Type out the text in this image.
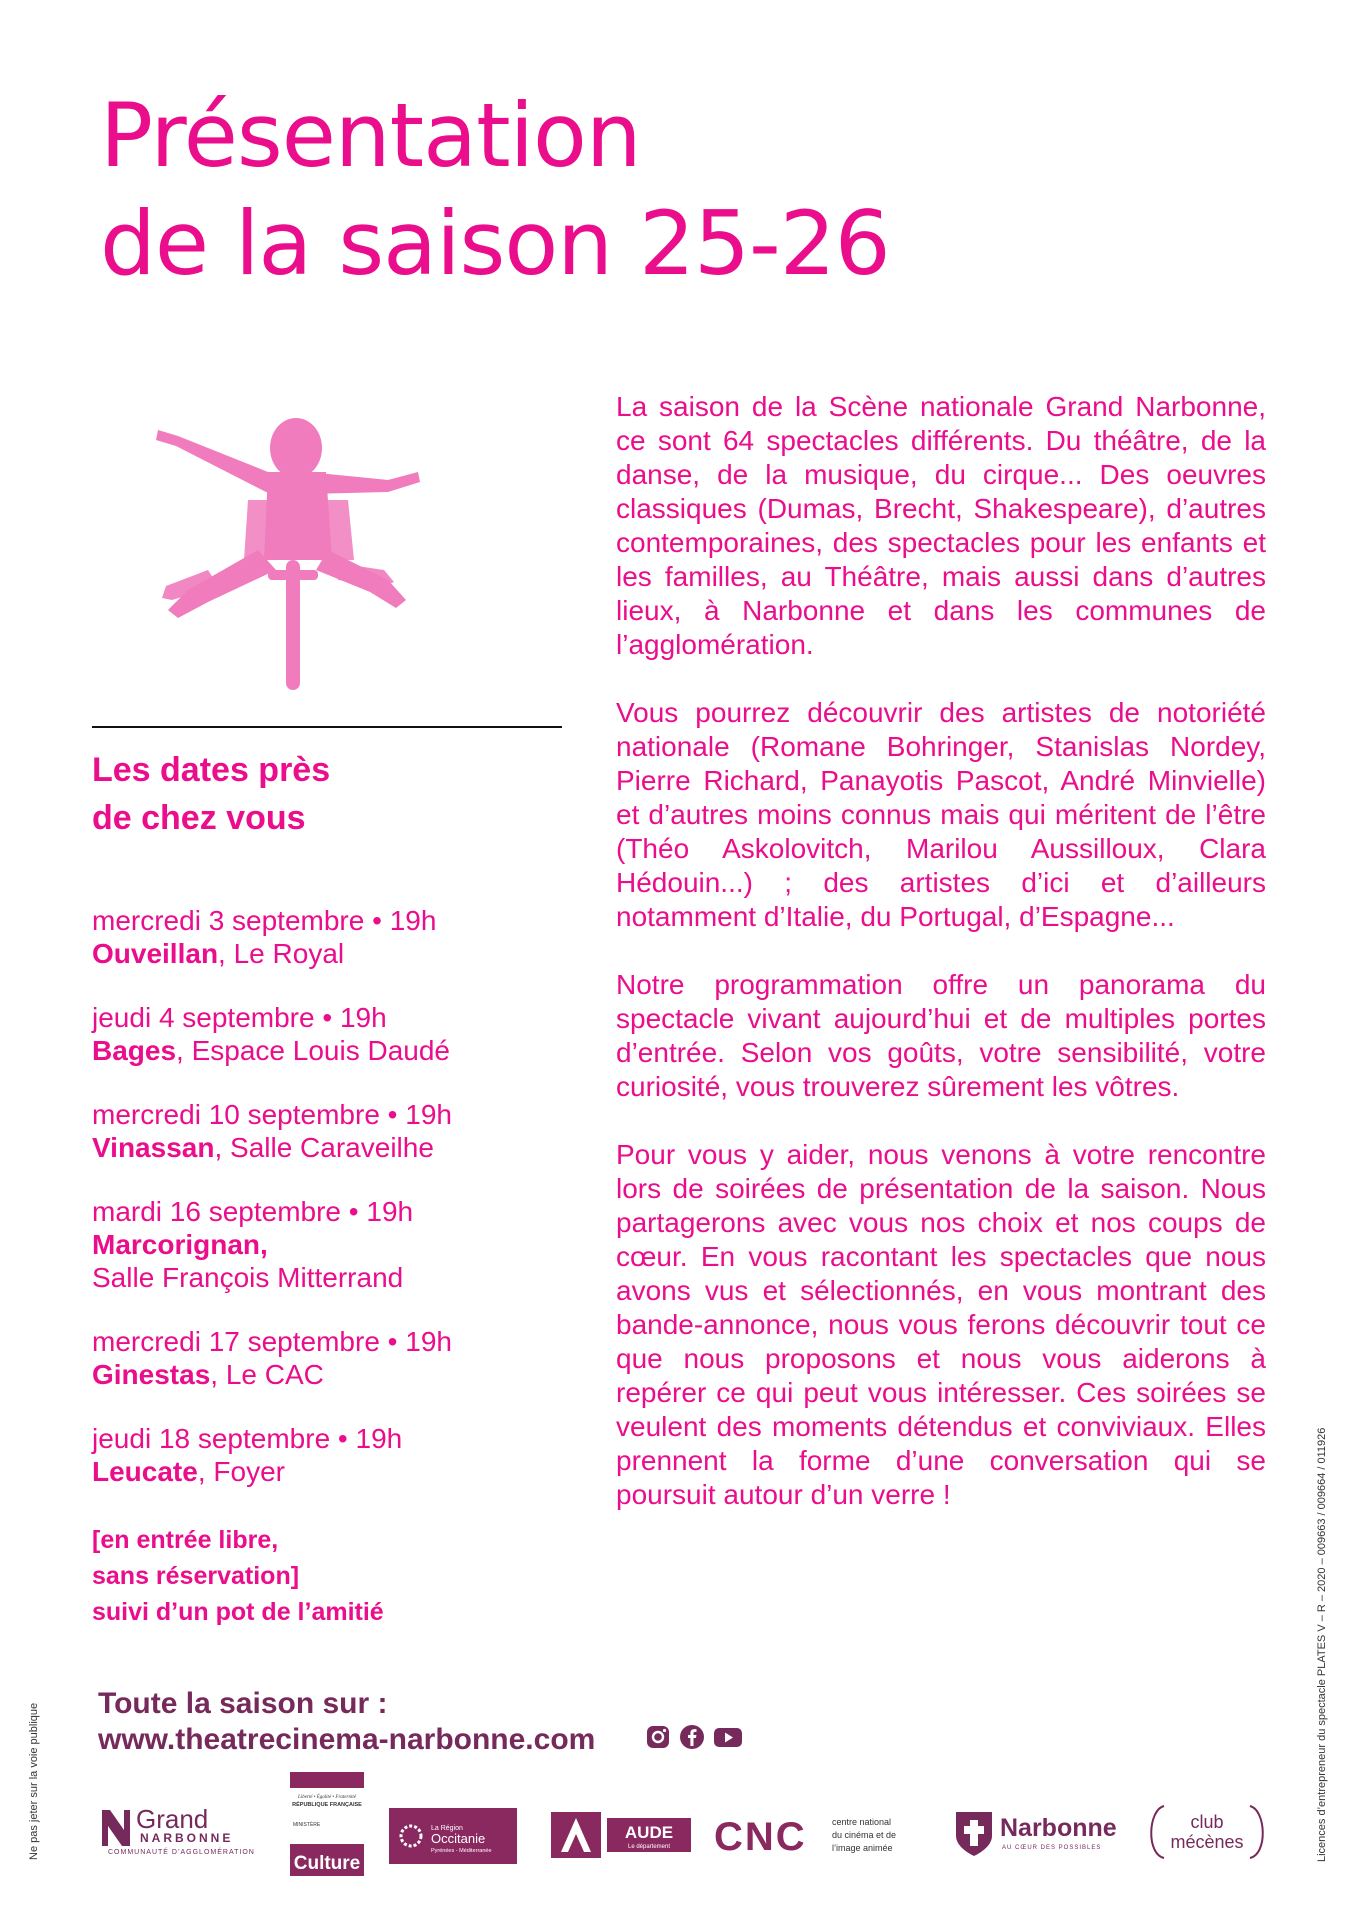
Présentation
de la saison 25-26
Les dates près
de chez vous
mercredi 3 septembre • 19h
Ouveillan, Le Royal
jeudi 4 septembre • 19h
Bages, Espace Louis Daudé
mercredi 10 septembre • 19h
Vinassan, Salle Caraveilhe
mardi 16 septembre • 19h
Marcorignan,
Salle François Mitterrand
mercredi 17 septembre • 19h
Ginestas, Le CAC
jeudi 18 septembre • 19h
Leucate, Foyer
[en entrée libre,
sans réservation]
suivi d’un pot de l’amitié

La saison de la Scène nationale Grand Narbonne, ce sont 64 spectacles différents. Du théâtre, de la danse, de la musique, du cirque... Des oeuvres classiques (Dumas, Brecht, Shakespeare), d’autres contemporaines, des spectacles pour les enfants et les familles, au Théâtre, mais aussi dans d’autres lieux, à Narbonne et dans les communes de l’agglomération.

Vous pourrez découvrir des artistes de notoriété nationale (Romane Bohringer, Stanislas Nordey, Pierre Richard, Panayotis Pascot, André Minvielle) et d’autres moins connus mais qui méritent de l’être (Théo Askolovitch, Marilou Aussilloux, Clara Hédouin...) ; des artistes d’ici et d’ailleurs notamment d’Italie, du Portugal, d’Espagne...

Notre programmation offre un panorama du spectacle vivant aujourd’hui et de multiples portes d’entrée. Selon vos goûts, votre sensibilité, votre curiosité, vous trouverez sûrement les vôtres.

Pour vous y aider, nous venons à votre rencontre lors de soirées de présentation de la saison. Nous partagerons avec vous nos choix et nos coups de cœur. En vous racontant les spectacles que nous avons vus et sélectionnés, en vous montrant des bande-annonce, nous vous ferons découvrir tout ce que nous proposons et nous vous aiderons à repérer ce qui peut vous intéresser. Ces soirées se veulent des moments détendus et conviviaux. Elles prennent la forme d’une conversation qui se poursuit autour d’un verre !

Toute la saison sur :
www.theatrecinema-narbonne.com
Ne pas jeter sur la voie publique	Licences d’entrepreneur du spectacle PLATES V – R – 2020 – 009663 / 009664 / 011926
Grand
NARBONNE
COMMUNAUTÉ D’AGGLOMÉRATION
Liberté • Égalité • Fraternité
RÉPUBLIQUE FRANÇAISE
MINISTÈRE
Culture
La Région
Occitanie
Pyrénées - Méditerranée
AUDE
Le département CNC	centre national
du cinéma et de
l’image animée
Narbonne
AU CŒUR DES POSSIBLES
club
mécènes
